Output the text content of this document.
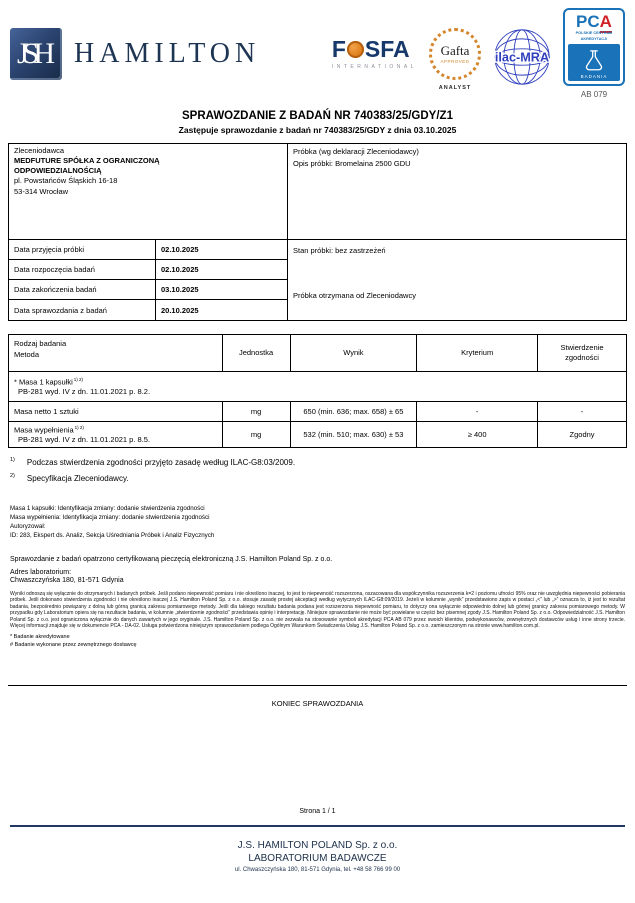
JSH HAMILTON	F SFA
INTERNATIONAL
Gafta
APPROVED
ANALYST
ilac-MRA
PCA
POLSKIE CENTRUM
AKREDYTACJI
BADANIA
AB 079
SPRAWOZDANIE Z BADAŃ NR 740383/25/GDY/Z1
Zastępuje sprawozdanie z badań nr 740383/25/GDY z dnia 03.10.2025
Zleceniodawca
MEDFUTURE SPÓŁKA Z OGRANICZONĄ
ODPOWIEDZIALNOŚCIĄ
pl. Powstańców Śląskich 16-18
53-314 Wrocław
Próbka (wg deklaracji Zleceniodawcy)
Opis próbki: Bromelaina 2500 GDU
Data przyjęcia próbki	02.10.2025
Data rozpoczęcia badań	02.10.2025
Data zakończenia badań	03.10.2025
Data sprawozdania z badań	20.10.2025
Stan próbki: bez zastrzeżeń
Próbka otrzymana od Zleceniodawcy
Rodzaj badania
Metoda	Jednostka	Wynik	Kryterium	Stwierdzenie zgodności

* Masa 1 kapsułki$^{1) 2)}$
PB-281 wyd. IV z dn. 11.01.2021 p. 8.2.				

Masa netto 1 sztuki	mg	650 (min. 636; max. 658) ± 65	-	-

Masa wypełnienia$^{1) 2)}$
PB-281 wyd. IV z dn. 11.01.2021 p. 8.5.	mg	532 (min. 510; max. 630) ± 53	≥ 400	Zgodny
1) Podczas stwierdzenia zgodności przyjęto zasadę według ILAC-G8:03/2009.
2) Specyfikacja Zleceniodawcy.
Masa 1 kapsułki: Identyfikacja zmiany: dodanie stwierdzenia zgodności
Masa wypełnienia: Identyfikacja zmiany: dodanie stwierdzenia zgodności
Autoryzował:
ID: 283, Ekspert ds. Analiz, Sekcja Uśredniania Próbek i Analiz Fizycznych
Sprawozdanie z badań opatrzono certyfikowaną pieczęcią elektroniczną J.S. Hamilton Poland Sp. z o.o.
Adres laboratorium:
Chwaszczyńska 180, 81-571 Gdynia
Wyniki odnoszą się wyłącznie do otrzymanych i badanych próbek. Jeśli podano niepewność pomiaru i nie określono inaczej, to jest to niepewność rozszerzona, oszacowana dla współczynnika rozszerzenia k=2 i poziomu ufności 95% oraz nie uwzględnia niepewności pobierania próbek. Jeśli dokonano stwierdzenia zgodności i nie określono inaczej J.S. Hamilton Poland Sp. z o.o. stosuje zasadę prostej akceptacji według wytycznych ILAC-G8:09/2019. Jeżeli w kolumnie „wynik” przedstawiono zapis w postaci „<” lub „>” oznacza to, iż jest to rezultat badania, bezpośrednio powiązany z dolną lub górną granicą zakresu pomiarowego metody. Jeśli dla takiego rezultatu badania podana jest rozszerzona niepewność pomiaru, to dotyczy ona wyłącznie odpowiednio dolnej lub górnej granicy zakresu pomiarowego metody. W przypadku gdy Laboratorium opiera się na rezultacie badania, w kolumnie „stwierdzenie zgodności” przedstawia opinię i interpretację. Niniejsze sprawozdanie nie może być powielane w części bez pisemnej zgody J.S. Hamilton Poland Sp. z o.o. Odpowiedzialność J.S. Hamilton Poland Sp. z o.o. jest ograniczona wyłącznie do danych zawartych w jego oryginale. J.S. Hamilton Poland Sp. z o.o. nie zezwala na stosowanie symboli akredytacji PCA AB 079 przez swoich klientów, podwykonawców, zewnętrznych dostawców usług i inne strony trzecie. Więcej informacji znajduje się w dokumencie PCA - DA-02. Usługa potwierdzona niniejszym sprawozdaniem podlega Ogólnym Warunkom Świadczenia Usług J.S. Hamilton Poland Sp. z o.o. zamieszczonym na stronie www.hamilton.com.pl.
* Badanie akredytowane
# Badanie wykonane przez zewnętrznego dostawcę
KONIEC SPRAWOZDANIA
Strona 1 / 1
J.S. HAMILTON POLAND Sp. z o.o.
LABORATORIUM BADAWCZE
ul. Chwaszczyńska 180, 81-571 Gdynia, tel. +48 58 766 99 00
